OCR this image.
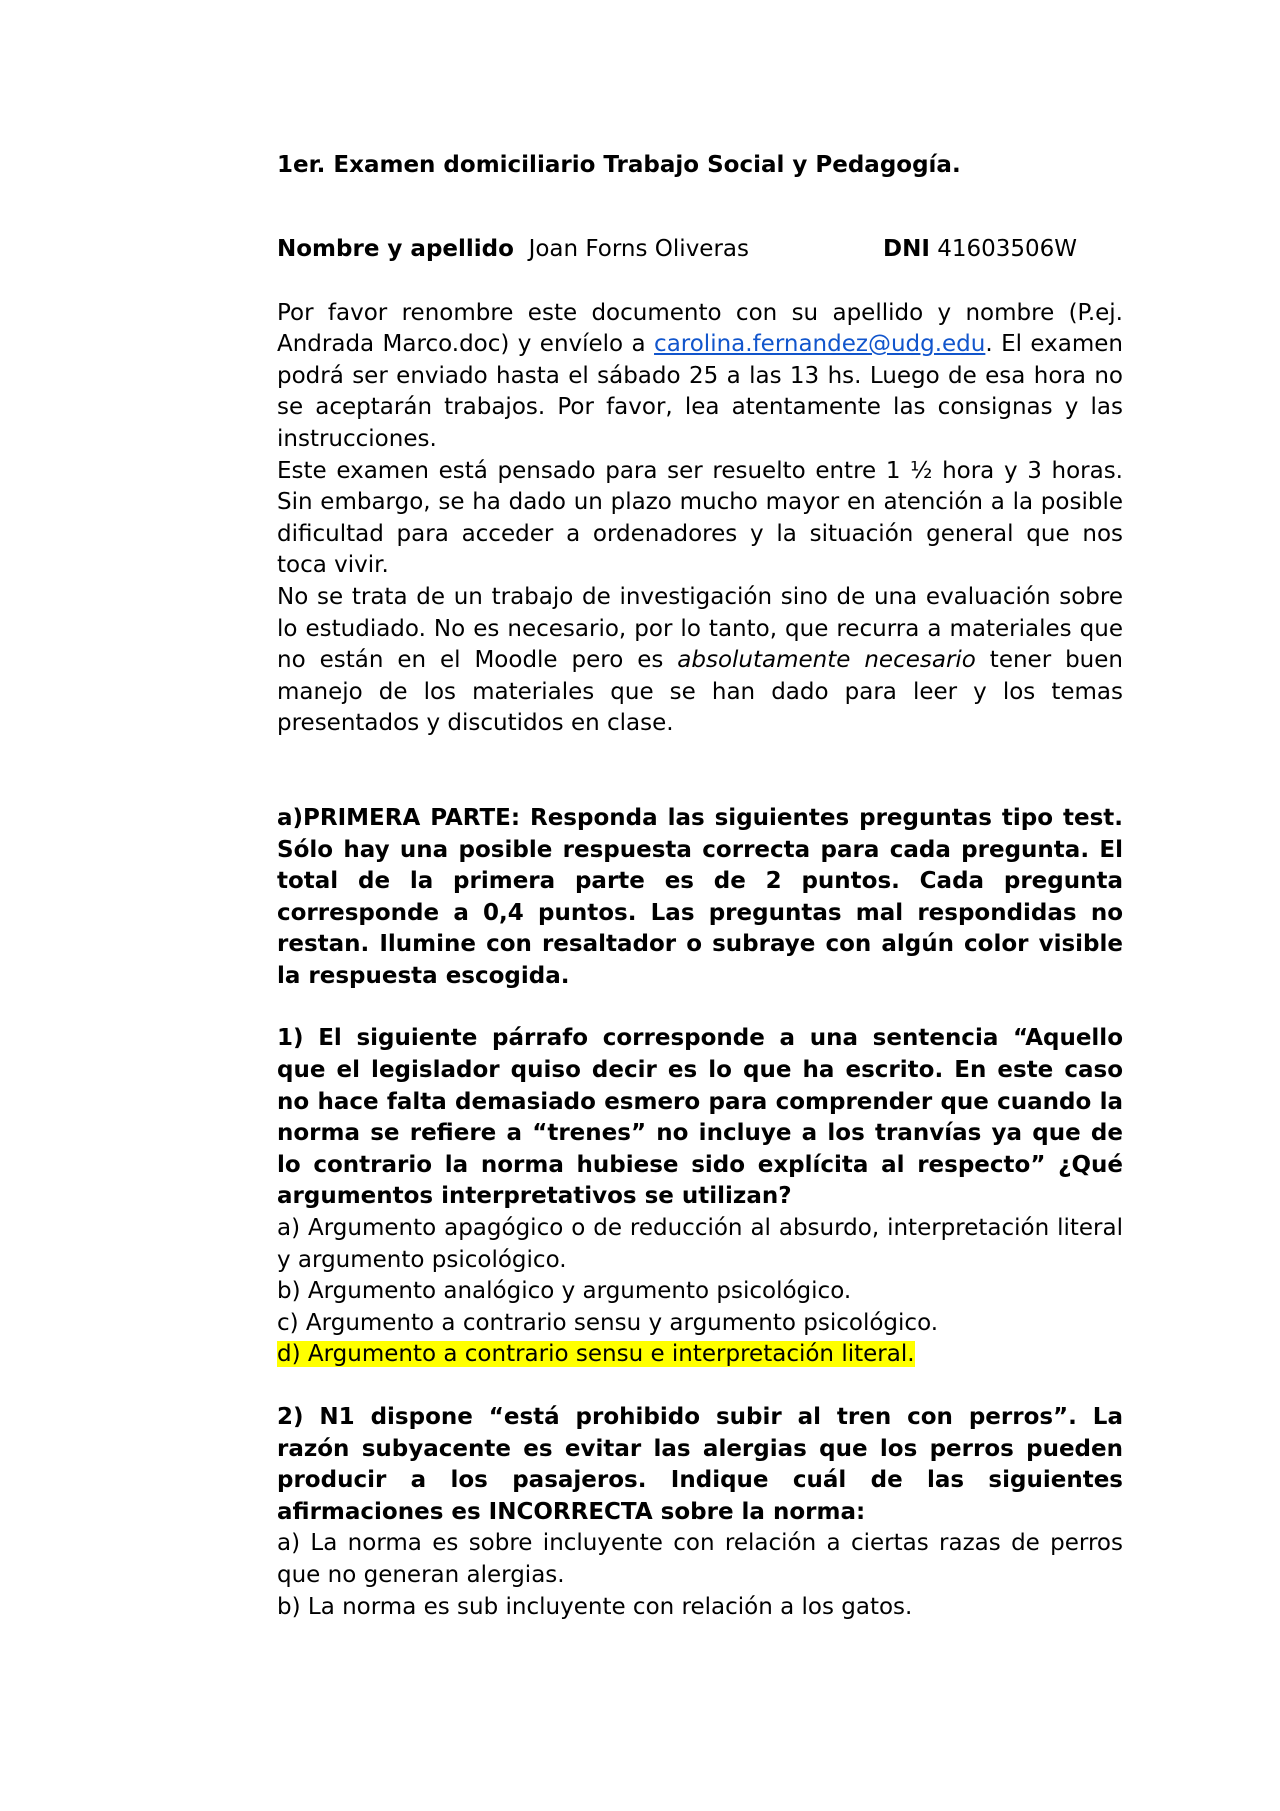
1er. Examen domiciliario Trabajo Social y Pedagogía.

Nombre y apellido Joan Forns Oliveras	DNI 41603506W

Por favor renombre este documento con su apellido y nombre (P.ej. Andrada Marco.doc) y envíelo a carolina.fernandez@udg.edu. El examen podrá ser enviado hasta el sábado 25 a las 13 hs. Luego de esa hora no se aceptarán trabajos. Por favor, lea atentamente las consignas y las instrucciones.

Este examen está pensado para ser resuelto entre 1 ½ hora y 3 horas. Sin embargo, se ha dado un plazo mucho mayor en atención a la posible dificultad para acceder a ordenadores y la situación general que nos toca vivir.

No se trata de un trabajo de investigación sino de una evaluación sobre lo estudiado. No es necesario, por lo tanto, que recurra a materiales que no están en el Moodle pero es absolutamente necesario tener buen manejo de los materiales que se han dado para leer y los temas presentados y discutidos en clase.

a)PRIMERA PARTE: Responda las siguientes preguntas tipo test. Sólo hay una posible respuesta correcta para cada pregunta. El total de la primera parte es de 2 puntos. Cada pregunta corresponde a 0,4 puntos. Las preguntas mal respondidas no restan. Ilumine con resaltador o subraye con algún color visible la respuesta escogida.

1) El siguiente párrafo corresponde a una sentencia “Aquello que el legislador quiso decir es lo que ha escrito. En este caso no hace falta demasiado esmero para comprender que cuando la norma se refiere a “trenes” no incluye a los tranvías ya que de lo contrario la norma hubiese sido explícita al respecto” ¿Qué argumentos interpretativos se utilizan?

a) Argumento apagógico o de reducción al absurdo, interpretación literal y argumento psicológico.

b) Argumento analógico y argumento psicológico.

c) Argumento a contrario sensu y argumento psicológico.

d) Argumento a contrario sensu e interpretación literal.

2) N1 dispone “está prohibido subir al tren con perros”. La razón subyacente es evitar las alergias que los perros pueden producir a los pasajeros. Indique cuál de las siguientes afirmaciones es INCORRECTA sobre la norma:

a) La norma es sobre incluyente con relación a ciertas razas de perros que no generan alergias.

b) La norma es sub incluyente con relación a los gatos.
